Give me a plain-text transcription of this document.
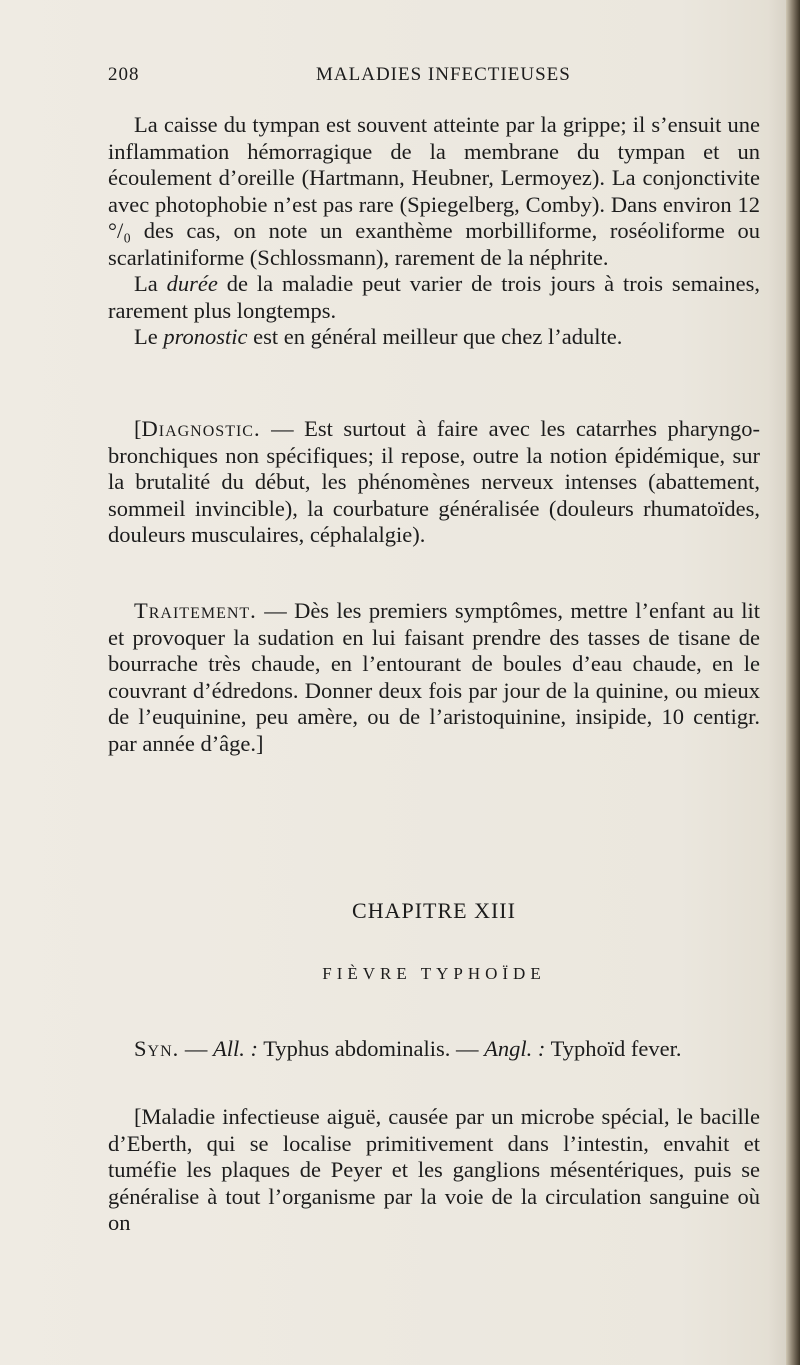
208	MALADIES INFECTIEUSES

La caisse du tympan est souvent atteinte par la grippe; il s’ensuit une inflammation hémorragique de la membrane du tympan et un écoulement d’oreille (Hartmann, Heubner, Lermoyez). La conjonctivite avec photophobie n’est pas rare (Spiegelberg, Comby). Dans environ 12 °/₀ des cas, on note un exanthème morbilliforme, roséoliforme ou scarlatiniforme (Schlossmann), rarement de la néphrite.

La durée de la maladie peut varier de trois jours à trois semaines, rarement plus longtemps.

Le pronostic est en général meilleur que chez l’adulte.

[Diagnostic. — Est surtout à faire avec les catarrhes pharyngo-bronchiques non spécifiques; il repose, outre la notion épidémique, sur la brutalité du début, les phénomènes nerveux intenses (abattement, sommeil invincible), la courbature généralisée (douleurs rhumatoïdes, douleurs musculaires, céphalalgie).

Traitement. — Dès les premiers symptômes, mettre l’enfant au lit et provoquer la sudation en lui faisant prendre des tasses de tisane de bourrache très chaude, en l’entourant de boules d’eau chaude, en le couvrant d’édredons. Donner deux fois par jour de la quinine, ou mieux de l’euquinine, peu amère, ou de l’aristoquinine, insipide, 10 centigr. par année d’âge.]

CHAPITRE XIII
FIÈVRE TYPHOÏDE

Syn. — All. : Typhus abdominalis. — Angl. : Typhoïd fever.

[Maladie infectieuse aiguë, causée par un microbe spécial, le bacille d’Eberth, qui se localise primitivement dans l’intestin, envahit et tuméfie les plaques de Peyer et les ganglions mésentériques, puis se généralise à tout l’organisme par la voie de la circulation sanguine où on
